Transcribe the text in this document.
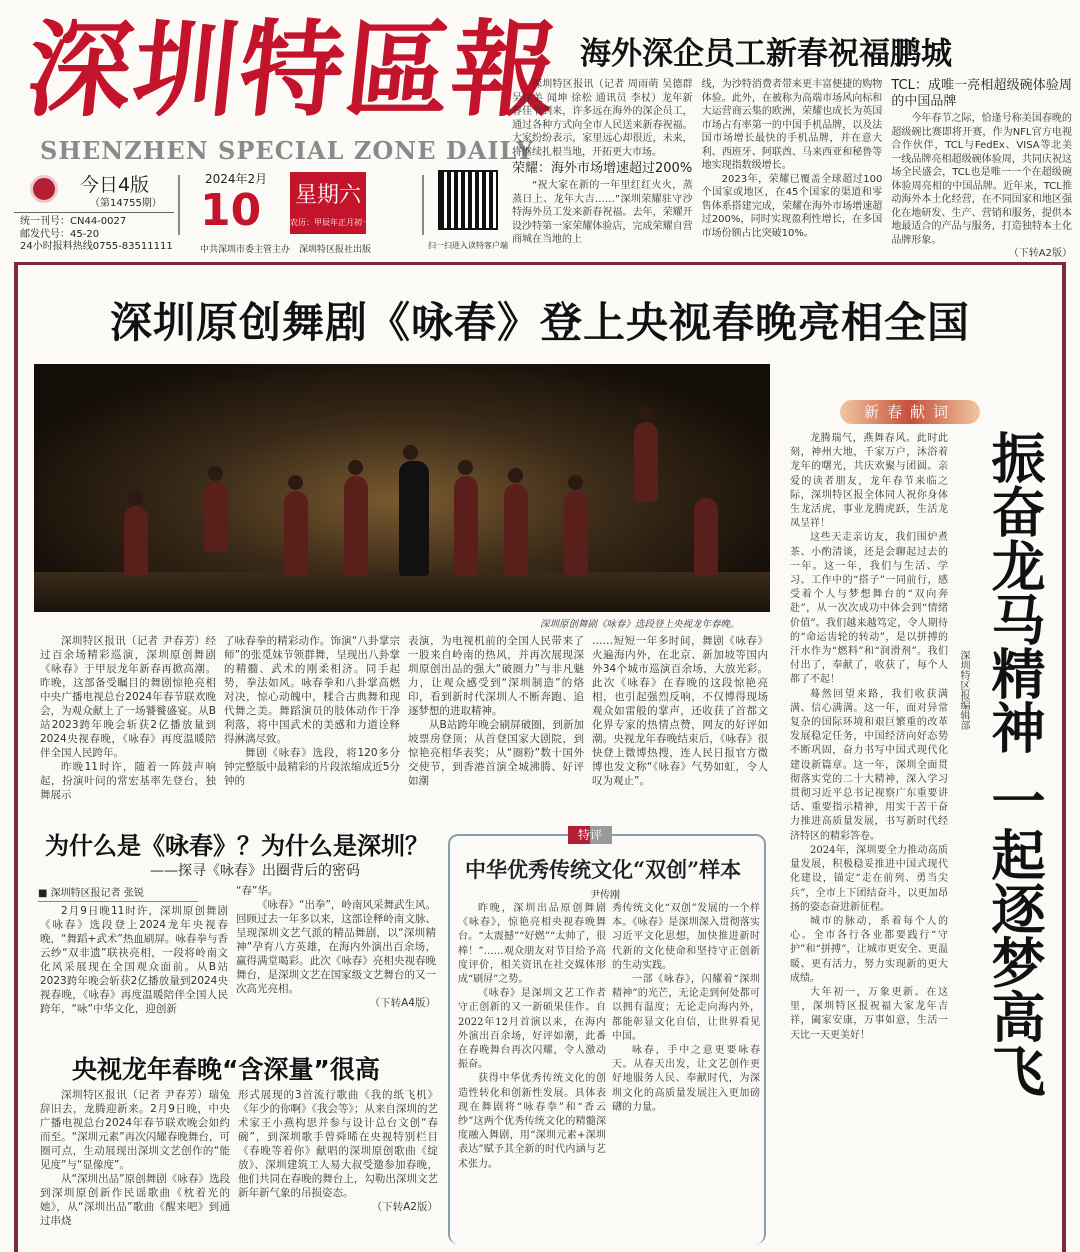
深圳特區報
SHENZHEN SPECIAL ZONE DAILY
今日4版
（第14755期）
统一刊号：CN44-0027
邮发代号：45-20
24小时报料热线0755-83511111
2024年2月
10 星期六
农历：甲辰年正月初一
中共深圳市委主管主办　深圳特区报社出版	扫一扫进入读特客户端
海外深企员工新春祝福鹏城

深圳特区报讯（记者 周雨萌 吴德群 吴徐美 闻坤 徐松 通讯员 李杖）龙年新春佳节到来，许多远在海外的深企员工，通过各种方式向全市人民送来新春祝福。大家纷纷表示，家里远心却很近，未来，将继续扎根当地，开拓更大市场。

荣耀：海外市场增速超过200%

“祝大家在新的一年里红红火火，蒸蒸日上、龙年大吉……”深圳荣耀驻守沙特海外员工发来新春祝福。去年，荣耀开设沙特第一家荣耀体验店，完成荣耀自营商城在当地的上

线，为沙特消费者带来更丰富便捷的购物体验。此外，在被称为高端市场风向标和大运营商云集的欧洲，荣耀也成长为英国市场占有率第一的中国手机品牌，以及法国市场增长最快的手机品牌，并在意大利、西班牙、阿联酋、马来西亚和秘鲁等地实现指数级增长。

2023年，荣耀已覆盖全球超过100个国家或地区，在45个国家的渠道和零售体系搭建完成，荣耀在海外市场增速超过200%，同时实现盈利性增长，在多国市场份额占比突破10%。

TCL：成唯一亮相超级碗体验周的中国品牌

今年春节之际，恰逢号称美国春晚的超级碗比赛即将开赛，作为NFL官方电视合作伙伴，TCL与FedEx、VISA等北美一线品牌亮相超级碗体验周，共同庆祝这场全民盛会，TCL也是唯一一个在超级碗体验周亮相的中国品牌。近年来，TCL推动海外本土化经营，在不同国家和地区强化在地研发、生产、营销和服务，提供本地最适合的产品与服务，打造独特本土化品牌形象。

（下转A2版）
深圳原创舞剧《咏春》登上央视春晚亮相全国
深圳原创舞剧《咏春》选段登上央视龙年春晚。

深圳特区报讯（记者 尹春芳）经过百余场精彩巡演，深圳原创舞剧《咏春》于甲辰龙年新春再掀高潮。昨晚，这部备受瞩目的舞剧惊艳亮相中央广播电视总台2024年春节联欢晚会，为观众献上了一场饕餮盛宴。从B站2023跨年晚会斩获2亿播放量到2024央视春晚，《咏春》再度温暖陪伴全国人民跨年。

昨晚11时许，随着一阵鼓声响起，扮演叶问的常宏基率先登台，独舞展示

了咏春拳的精彩动作。饰演“八卦掌宗师”的张觅妹节领群舞，呈现出八卦掌的精髓、武术的刚柔相济。同手起势，拳法如风。咏春拳和八卦掌高燃对决，惊心动魄中，糅合古典舞和现代舞之美。舞蹈演员的肢体动作干净利落，将中国武术的美感和力道诠释得淋漓尽致。

舞剧《咏春》选段，将120多分钟完整版中最精彩的片段浓缩成近5分钟的

表演，为电视机前的全国人民带来了一股来自岭南的热风，并再次展现深圳原创出品的强大“破圈力”与非凡魅力，让观众感受到“深圳制造”的烙印，看到新时代深圳人不断奔跑、追逐梦想的进取精神。

从B站跨年晚会刷屏破圈，到新加坡票房登顶；从首登国家大剧院，到惊艳亮相华表奖；从“圈粉”数十国外交使节，到香港首演全城沸腾、好评如潮

……短短一年多时间，舞剧《咏春》火遍海内外，在北京、新加坡等国内外34个城市巡演百余场，大放光彩。此次《咏春》在春晚的这段惊艳亮相，也引起强烈反响，不仅博得现场观众如雷般的掌声，还收获了首都文化界专家的热情点赞，网友的好评如潮。央视龙年春晚结束后，《咏春》很快登上微博热搜，连人民日报官方微博也发文称“《咏春》气势如虹，令人叹为观止”。

为什么是《咏春》？为什么是深圳？
——探寻《咏春》出圈背后的密码
■ 深圳特区报记者 张锐

2月9日晚11时许，深圳原创舞剧《咏春》选段登上2024龙年央视春晚，“舞蹈+武术”热血刷屏。咏春拳与香云纱“双非遗”联袂亮相，一段将岭南文化风采展现在全国观众面前。从B站2023跨年晚会斩获2亿播放量到2024央视春晚，《咏春》再度温暖陪伴全国人民跨年，“咏”中华文化，迎创新

“春”华。

《咏春》“出拳”，岭南风采舞武生风。回顾过去一年多以来，这部诠释岭南文脉、呈现深圳文艺气派的精品舞剧，以“深圳精神”孕育八方英雄，在海内外演出百余场，赢得满堂喝彩。此次《咏春》亮相央视春晚舞台，是深圳文艺在国家级文艺舞台的又一次高光亮相。

（下转A4版）
央视龙年春晚“含深量”很高

深圳特区报讯（记者 尹春芳）瑞兔辞旧去，龙腾迎新来。2月9日晚，中央广播电视总台2024年春节联欢晚会如约而至。“深圳元素”再次闪耀春晚舞台，可圈可点，生动展现出深圳文艺创作的“能见度”与“显像度”。

从“深圳出品”原创舞剧《咏春》选段到深圳原创新作民谣歌曲《枕着光的她》，从“深圳出品”歌曲《醒来吧》到通过串烧

形式展现的3首流行歌曲《我的纸飞机》《年少的你啊》《我会等》；从来自深圳的艺术家王小燕构思并参与设计总台文创“春碗”，到深圳歌手曾舜晞在央视特别栏目《春晚等着你》献唱的深圳原创歌曲《绽放》、深圳建筑工人易大叔受邀参加春晚，他们共同在春晚的舞台上，勾勒出深圳文艺新年新气象的吊损姿态。

（下转A2版）
特评
中华优秀传统文化“双创”样本
尹传刚

昨晚，深圳出品原创舞剧《咏春》，惊艳亮相央视春晚舞台。“太震撼”“好燃”“太帅了，很棒！”……观众朋友对节目给予高度评价，相关资讯在社交媒体形成“刷屏”之势。

《咏春》是深圳文艺工作者守正创新的又一新硕果佳作。自2022年12月首演以来，在海内外演出百余场，好评如潮，此番在春晚舞台再次闪耀，令人激动振奋。

获得中华优秀传统文化的创造性转化和创新性发展。具体表现在舞剧将“咏春拳”和“香云纱”这两个优秀传统文化的精髓深度融入舞剧，用“深圳元素+深圳表达”赋予其全新的时代内涵与艺术张力。

秀传统文化“双创”发展的一个样本。《咏春》是深圳深入贯彻落实习近平文化思想，加快推进新时代新的文化使命和坚持守正创新的生动实践。

一部《咏春》，闪耀着“深圳精神”的光芒，无论走到何处都可以拥有温度；无论走向海内外，都能彰显文化自信，让世界看见中国。

咏春，手中之意更要咏春天。从春天出发，让文艺创作更好地服务人民、奉献时代，为深圳文化的高质量发展注入更加磅礴的力量。

新春献词

龙腾瑞气，燕舞春风。此时此刻，神州大地，千家万户，沐浴着龙年的曙光，共庆欢聚与团圆。亲爱的读者朋友，龙年春节来临之际，深圳特区报全体同人祝你身体生龙活虎，事业龙腾虎跃，生活龙凤呈祥！

这些天走亲访友，我们围炉煮茶、小酌清谈，还是会聊起过去的一年。这一年，我们与生活、学习、工作中的“搭子”一同前行，感受着个人与梦想舞台的“双向奔赴”，从一次次成功中体会到“情绪价值”。我们越来越笃定，令人期待的“命运齿轮的转动”，是以拼搏的汗水作为“燃料”和“润滑剂”。我们付出了，奉献了，收获了，每个人都了不起！

蓦然回望来路，我们收获满满、信心满满。这一年，面对异常复杂的国际环境和艰巨繁重的改革发展稳定任务，中国经济向好态势不断巩固，奋力书写中国式现代化建设新篇章。这一年，深圳全面贯彻落实党的二十大精神，深入学习贯彻习近平总书记视察广东重要讲话、重要指示精神，用实干苦干奋力推进高质量发展，书写新时代经济特区的精彩答卷。

2024年，深圳要全力推动高质量发展，积极稳妥推进中国式现代化建设，锚定“走在前列、勇当尖兵”，全市上下团结奋斗，以更加昂扬的姿态奋进新征程。

城市的脉动，系着每个人的心。全市各行各业都要践行“守护”和“拼搏”，让城市更安全、更温暖、更有活力，努力实现新的更大成绩。

大年初一，万象更新。在这里，深圳特区报祝福大家龙年吉祥，阖家安康，万事如意，生活一天比一天更美好！	振奋龙马精神 一起逐梦高飞
深圳特区报编辑部
